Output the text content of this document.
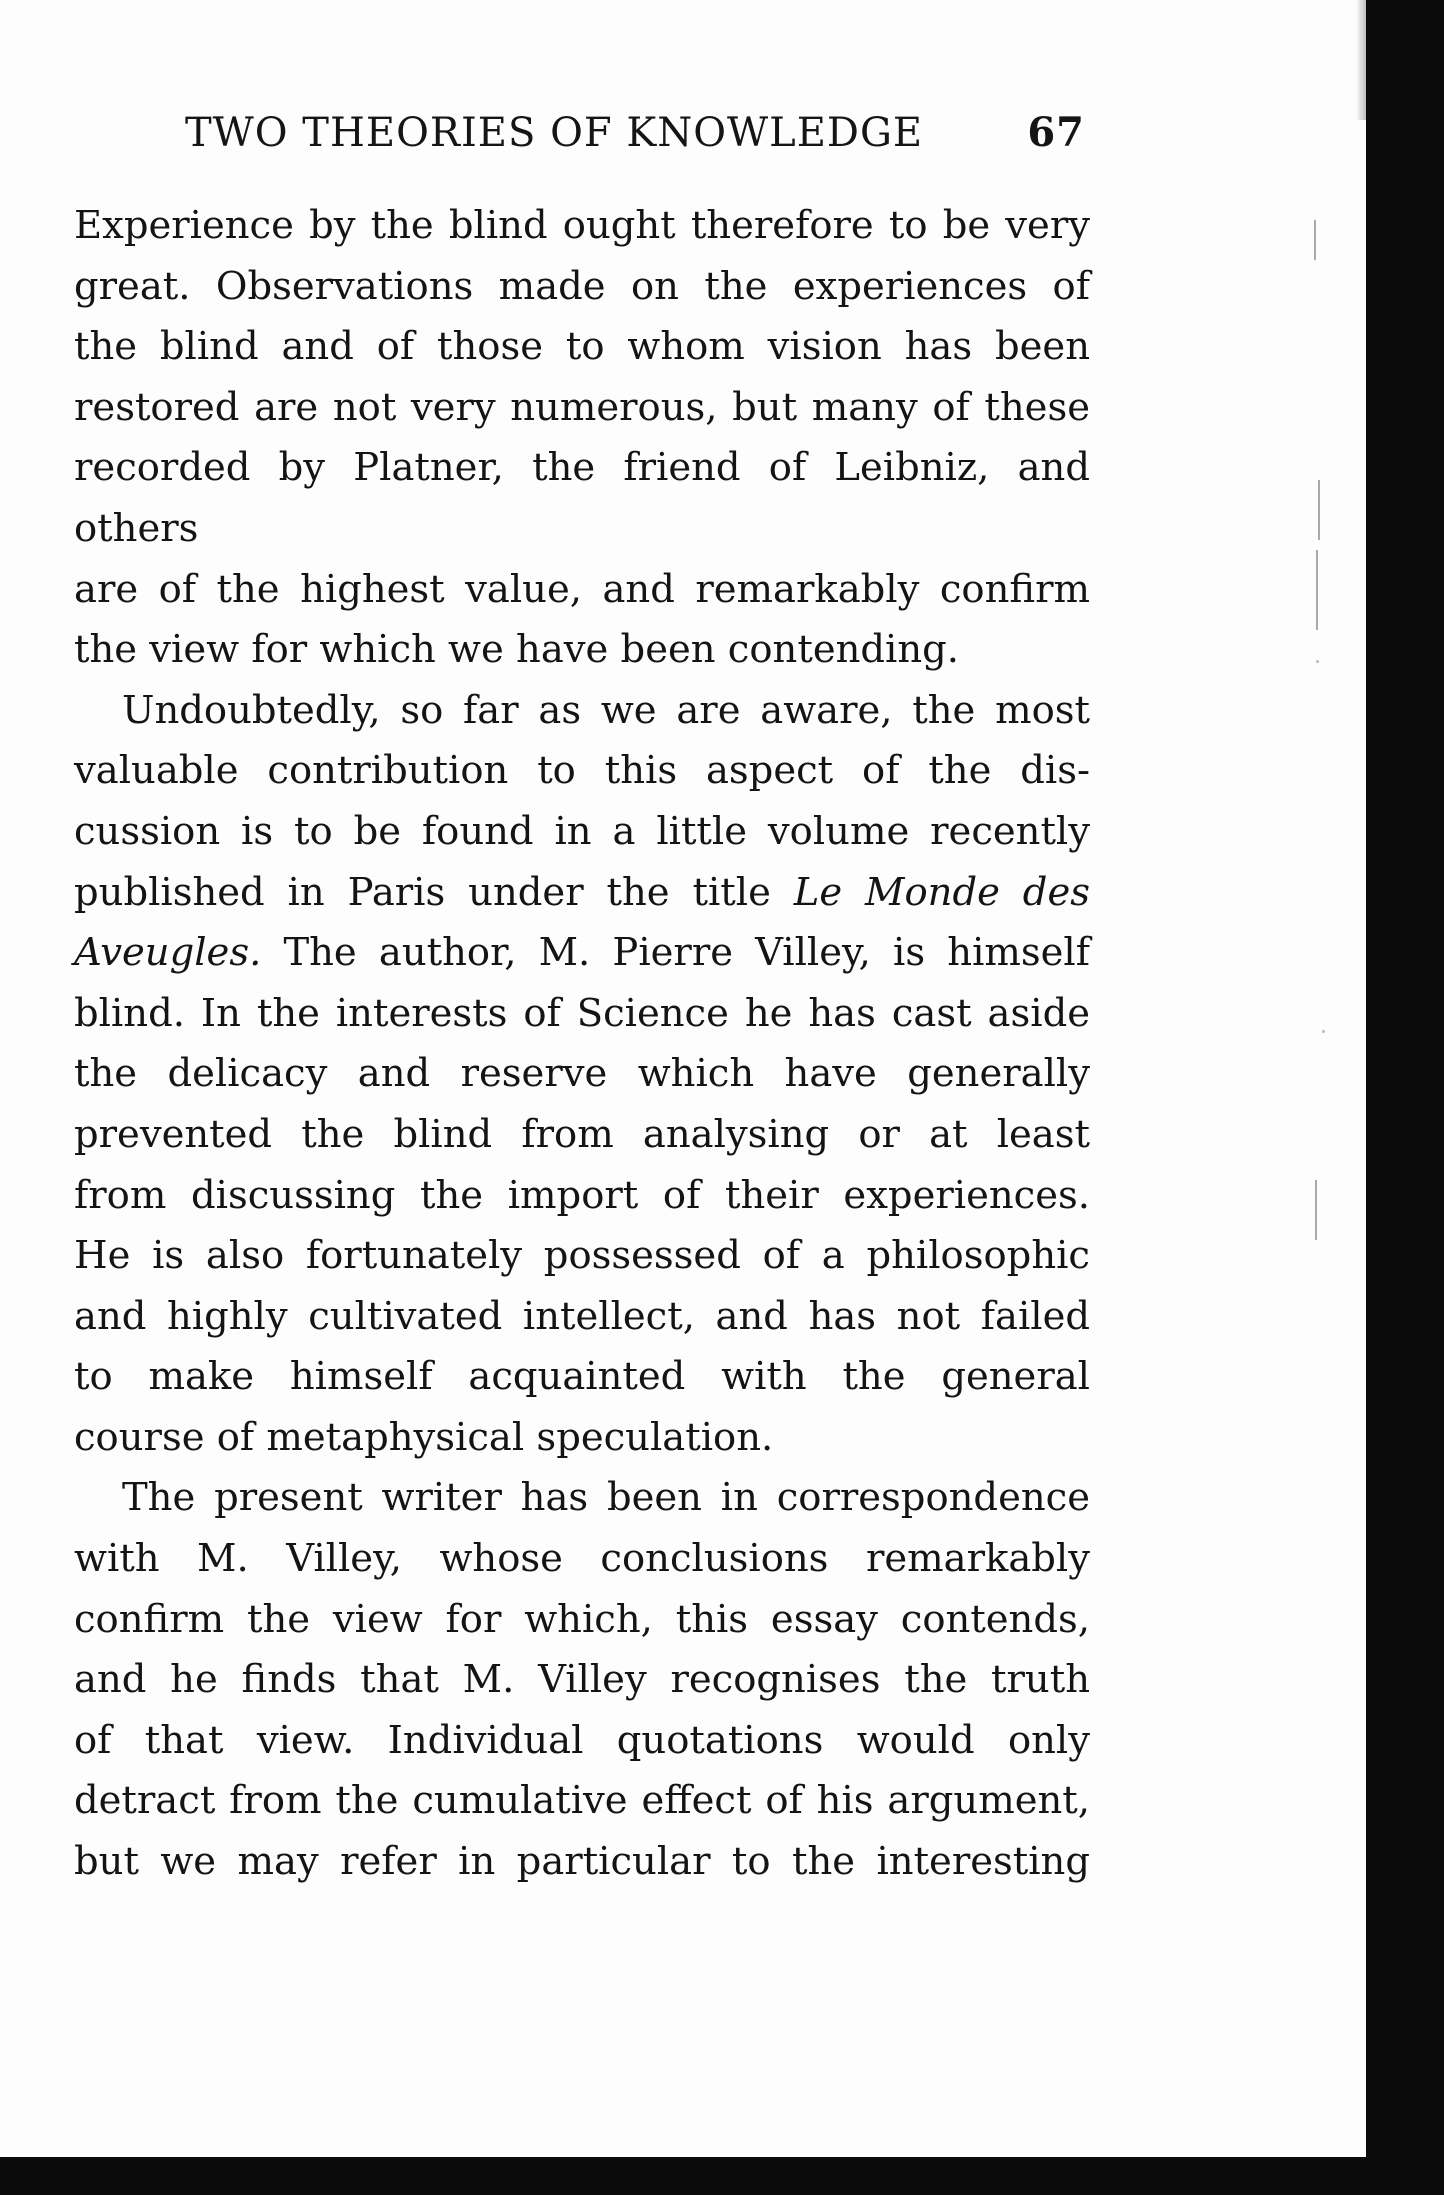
TWO THEORIES OF KNOWLEDGE	67

Experience by the blind ought therefore to be very
great. Observations made on the experiences of
the blind and of those to whom vision has been
restored are not very numerous, but many of these
recorded by Platner, the friend of Leibniz, and others
are of the highest value, and remarkably confirm
the view for which we have been contending.

Undoubtedly, so far as we are aware, the most
valuable contribution to this aspect of the dis-
cussion is to be found in a little volume recently
published in Paris under the title Le Monde des
Aveugles. The author, M. Pierre Villey, is himself
blind. In the interests of Science he has cast aside
the delicacy and reserve which have generally
prevented the blind from analysing or at least
from discussing the import of their experiences.
He is also fortunately possessed of a philosophic
and highly cultivated intellect, and has not failed
to make himself acquainted with the general
course of metaphysical speculation.

The present writer has been in correspondence
with M. Villey, whose conclusions remarkably
confirm the view for which, this essay contends,
and he finds that M. Villey recognises the truth
of that view. Individual quotations would only
detract from the cumulative effect of his argument,
but we may refer in particular to the interesting
